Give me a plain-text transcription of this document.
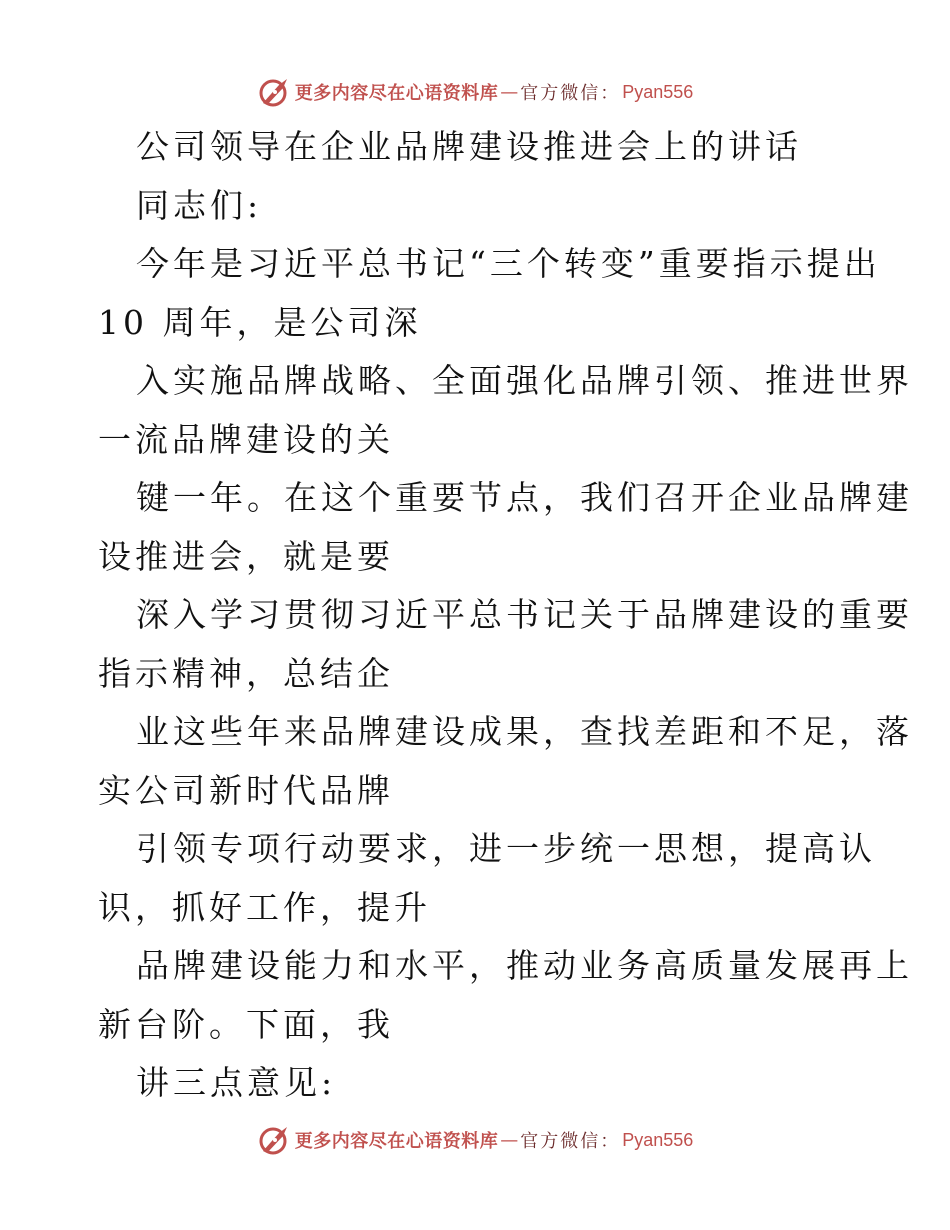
更多内容尽在心语资料库 — 官方微信 ： Pyan556
公司领导在企业品牌建设推进会上的讲话
同志们:
今年是习近平总书记“三个转变”重要指示提出
10 周年，是公司深
入实施品牌战略、全面强化品牌引领、推进世界
一流品牌建设的关
键一年。在这个重要节点，我们召开企业品牌建
设推进会，就是要
深入学习贯彻习近平总书记关于品牌建设的重要
指示精神，总结企
业这些年来品牌建设成果，查找差距和不足，落
实公司新时代品牌
引领专项行动要求，进一步统一思想，提高认
识，抓好工作，提升
品牌建设能力和水平，推动业务高质量发展再上
新台阶。下面，我
讲三点意见:
更多内容尽在心语资料库 — 官方微信 ： Pyan556
